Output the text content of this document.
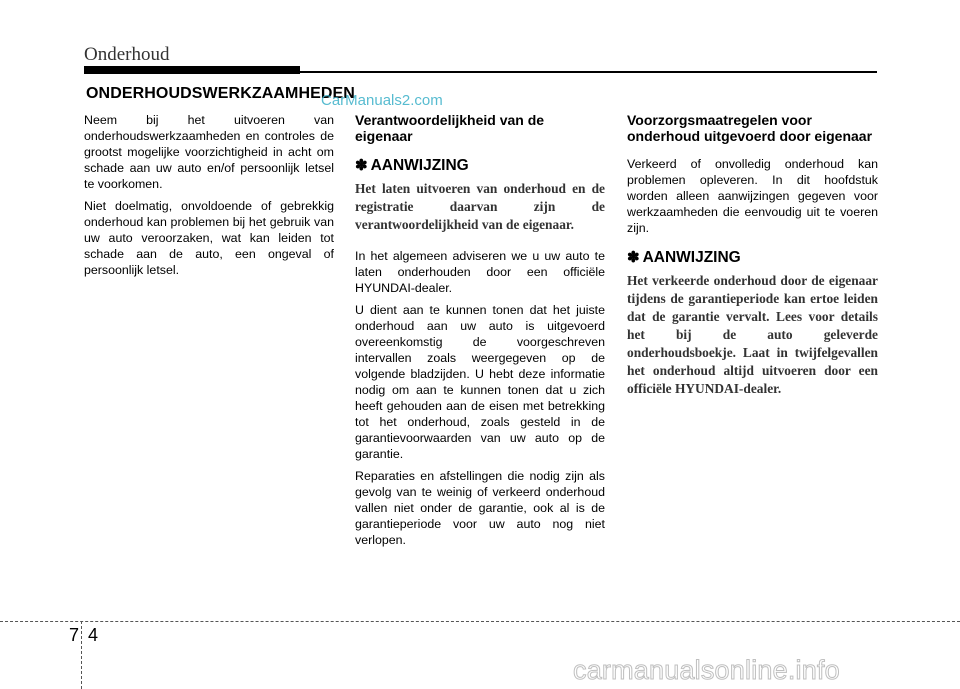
Onderhoud
ONDERHOUDSWERKZAAMHEDEN
CarManuals2.com

Neem bij het uitvoeren van onderhoudswerkzaamheden en controles de grootst mogelijke voorzichtigheid in acht om schade aan uw auto en/of persoonlijk letsel te voorkomen.

Niet doelmatig, onvoldoende of gebrekkig onderhoud kan problemen bij het gebruik van uw auto veroorzaken, wat kan leiden tot schade aan de auto, een ongeval of persoonlijk letsel.

Verantwoordelijkheid van de eigenaar
✽ AANWIJZING
Het laten uitvoeren van onderhoud en de registratie daarvan zijn de verantwoordelijkheid van de eigenaar.

In het algemeen adviseren we u uw auto te laten onderhouden door een officiële HYUNDAI-dealer.

U dient aan te kunnen tonen dat het juiste onderhoud aan uw auto is uitgevoerd overeenkomstig de voorgeschreven intervallen zoals weergegeven op de volgende bladzijden. U hebt deze informatie nodig om aan te kunnen tonen dat u zich heeft gehouden aan de eisen met betrekking tot het onderhoud, zoals gesteld in de garantievoorwaarden van uw auto op de garantie.

Reparaties en afstellingen die nodig zijn als gevolg van te weinig of verkeerd onderhoud vallen niet onder de garantie, ook al is de garantieperiode voor uw auto nog niet verlopen.

Voorzorgsmaatregelen voor onderhoud uitgevoerd door eigenaar

Verkeerd of onvolledig onderhoud kan problemen opleveren. In dit hoofdstuk worden alleen aanwijzingen gegeven voor werkzaamheden die eenvoudig uit te voeren zijn.

✽ AANWIJZING
Het verkeerde onderhoud door de eigenaar tijdens de garantieperiode kan ertoe leiden dat de garantie vervalt. Lees voor details het bij de auto geleverde onderhoudsboekje. Laat in twijfelgevallen het onderhoud altijd uitvoeren door een officiële HYUNDAI-dealer.
7 4
carmanualsonline.info
